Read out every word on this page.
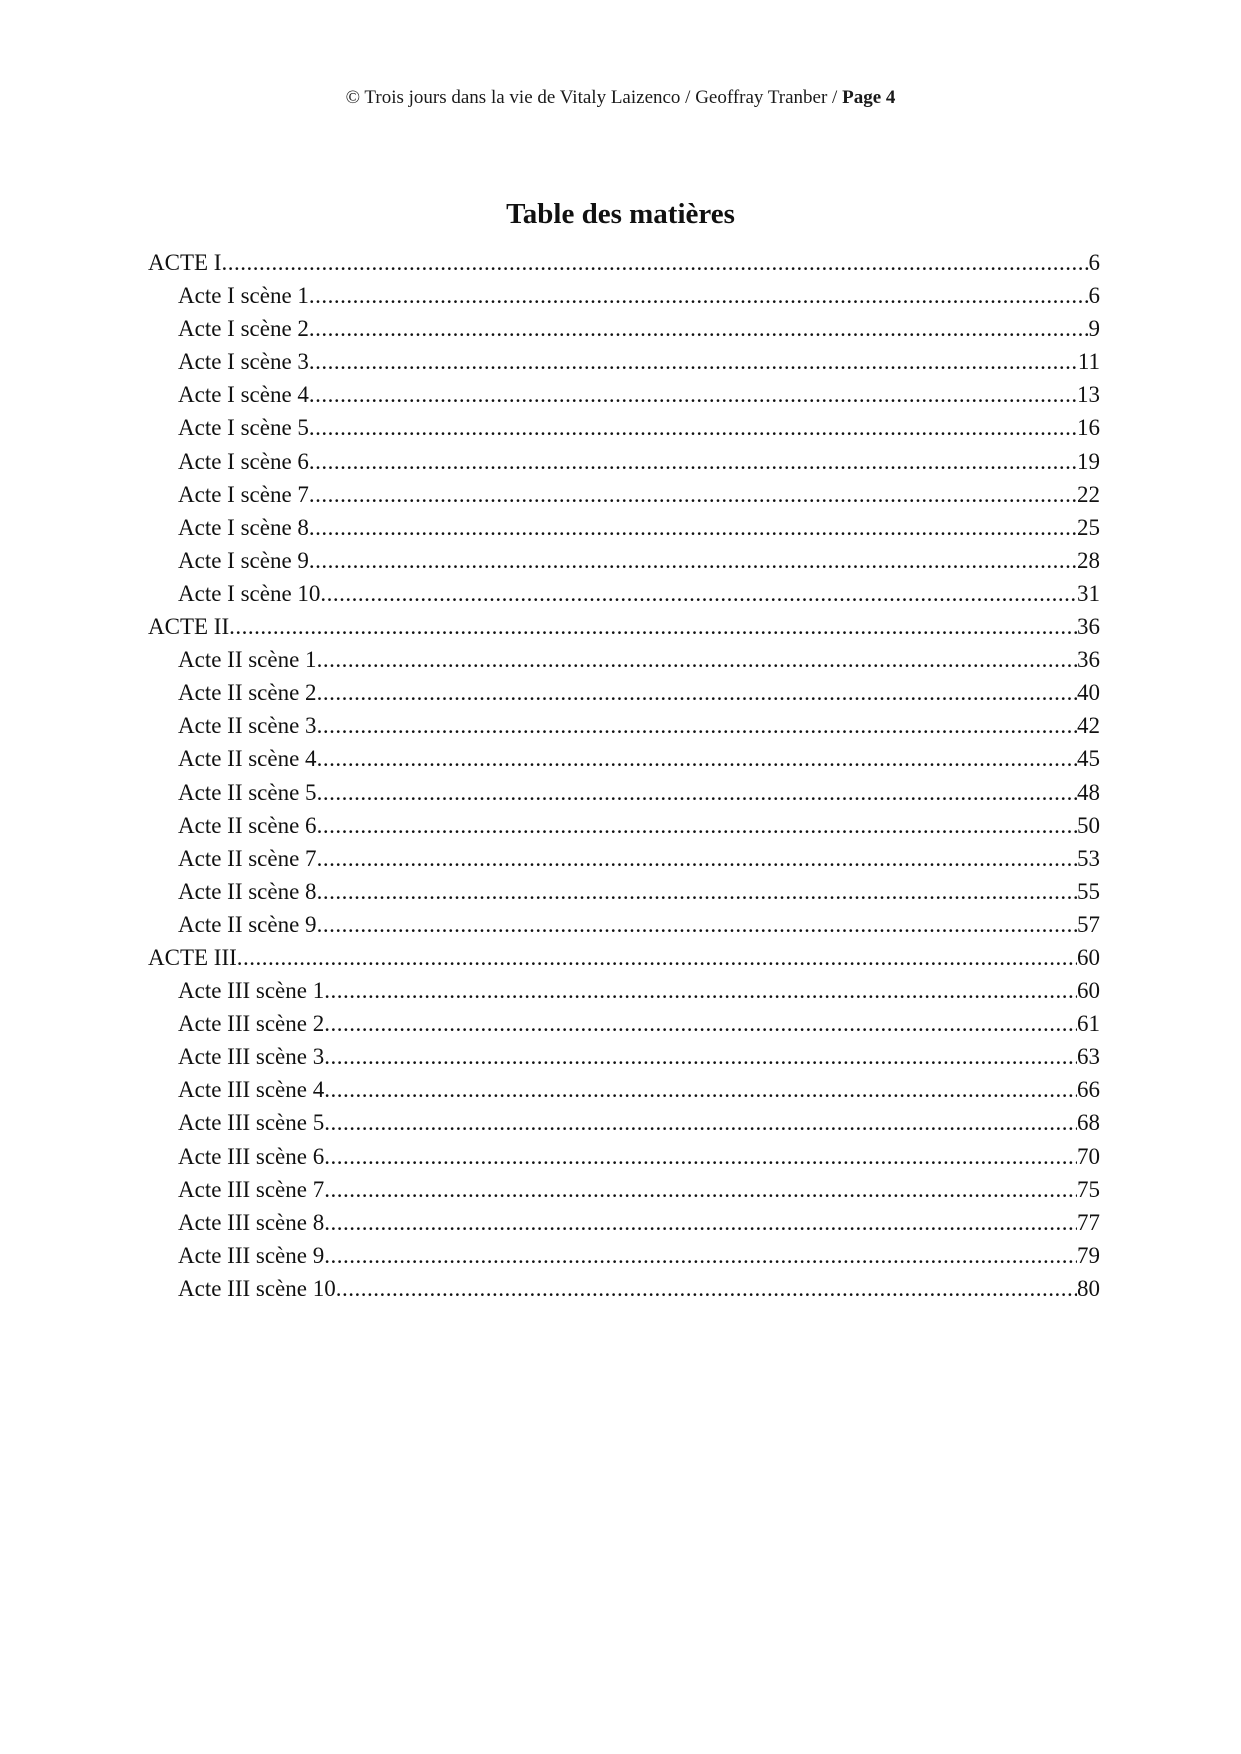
© Trois jours dans la vie de Vitaly Laizenco / Geoffray Tranber / Page 4
Table des matières
ACTE I .....	6
Acte I scène 1 .....	6
Acte I scène 2 .....	9
Acte I scène 3 .....	11
Acte I scène 4 .....	13
Acte I scène 5 .....	16
Acte I scène 6 .....	19
Acte I scène 7 .....	22
Acte I scène 8 .....	25
Acte I scène 9 .....	28
Acte I scène 10 .....	31
ACTE II .....	36
Acte II scène 1 .....	36
Acte II scène 2 .....	40
Acte II scène 3 .....	42
Acte II scène 4 .....	45
Acte II scène 5 .....	48
Acte II scène 6 .....	50
Acte II scène 7 .....	53
Acte II scène 8 .....	55
Acte II scène 9 .....	57
ACTE III .....	60
Acte III scène 1 .....	60
Acte III scène 2 .....	61
Acte III scène 3 .....	63
Acte III scène 4 .....	66
Acte III scène 5 .....	68
Acte III scène 6 .....	70
Acte III scène 7 .....	75
Acte III scène 8 .....	77
Acte III scène 9 .....	79
Acte III scène 10 .....	80
